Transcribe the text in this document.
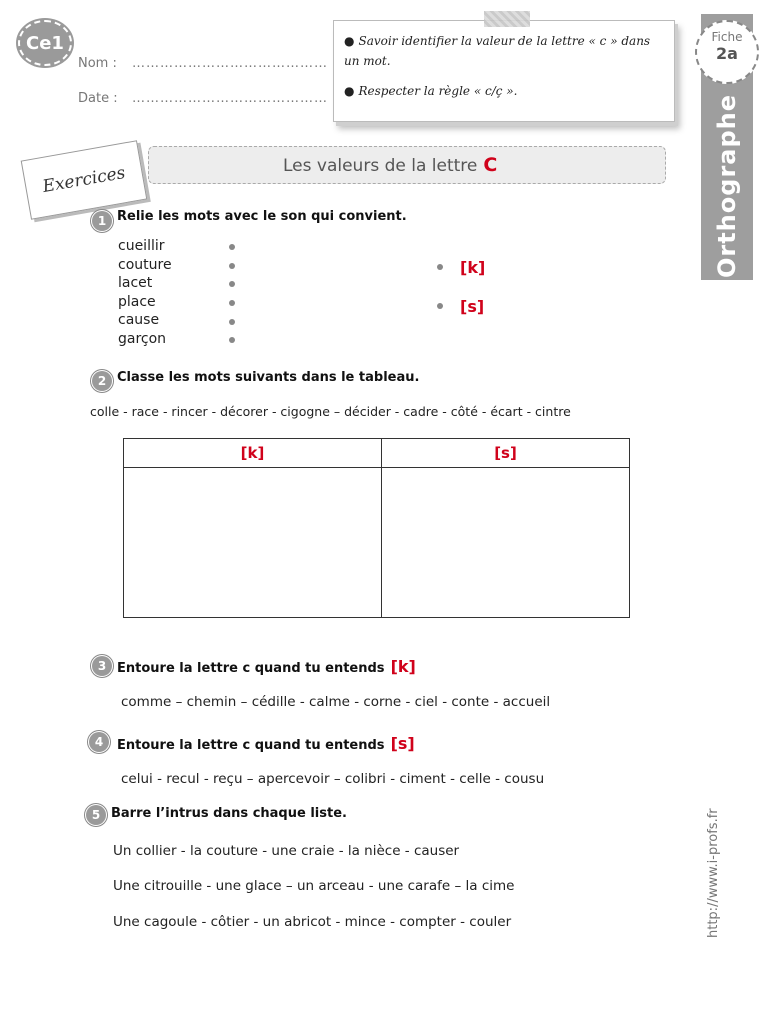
Ce1
Nom : ……………………………………
Date : ……………………………………
● Savoir identifier la valeur de la lettre « c » dans un mot.
● Respecter la règle « c/ç ».
Orthographe
Fiche
2a
Exercices	Les valeurs de la lettre C
1 Relie les mots avec le son qui convient.
cueillir
couture
lacet
place
cause
garçon
[k]
[s]
2 Classe les mots suivants dans le tableau.
colle - race - rincer - décorer - cigogne – décider - cadre - côté - écart - cintre
[k]	[s]

3 Entoure la lettre c quand tu entends [k]
comme – chemin – cédille - calme - corne - ciel - conte - accueil
4	Entoure la lettre c quand tu entends [s]
celui - recul - reçu – apercevoir – colibri - ciment - celle - cousu
5 Barre l’intrus dans chaque liste.
Un collier - la couture - une craie - la nièce - causer
Une citrouille - une glace – un arceau - une carafe – la cime
Une cagoule - côtier - un abricot - mince - compter - couler	http://www.i-profs.fr
